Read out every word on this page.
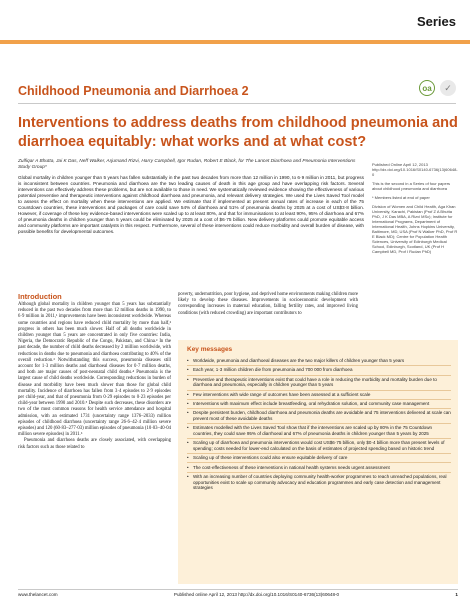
Series
Childhood Pneumonia and Diarrhoea 2	oa	✓
Interventions to address deaths from childhood pneumonia and diarrhoea equitably: what works and at what cost?

Zulfiqar A Bhutta, Jai K Das, Neff Walker, Arjumand Rizvi, Harry Campbell, Igor Rudan, Robert E Black, for The Lancet Diarrhoea and Pneumonia Interventions Study Group*

Global mortality in children younger than 5 years has fallen substantially in the past two decades from more than 12 million in 1990, to 6·9 million in 2011, but progress is inconsistent between countries. Pneumonia and diarrhoea are the two leading causes of death in this age group and have overlapping risk factors. Several interventions can effectively address these problems, but are not available to those in need. We systematically reviewed evidence showing the effectiveness of various potential preventive and therapeutic interventions against childhood diarrhoea and pneumonia, and relevant delivery strategies. We used the Lives Saved Tool model to assess the effect on mortality when these interventions are applied. We estimate that if implemented at present annual rates of increase in each of the 75 Countdown countries, these interventions and packages of care could save 54% of diarrhoea and 51% of pneumonia deaths by 2025 at a cost of US$3·8 billion. However, if coverage of these key evidence-based interventions were scaled up to at least 80%, and that for immunisations to at least 90%, 95% of diarrhoea and 67% of pneumonia deaths in children younger than 5 years could be eliminated by 2025 at a cost of $6·75 billion. New delivery platforms could promote equitable access and community platforms are important catalysts in this respect. Furthermore, several of these interventions could reduce morbidity and overall burden of disease, with possible benefits for developmental outcomes.

Published Online April 12, 2013 http://dx.doi.org/10.1016/S0140-6736(13)60648-0
This is the second in a Series of four papers about childhood pneumonia and diarrhoea
* Members listed at end of paper
Division of Women and Child Health, Aga Khan University, Karachi, Pakistan (Prof Z A Bhutta PhD, J K Das MBA, A Rizvi MSc); Institute for International Programs, Department of International Health, Johns Hopkins University, Baltimore, MD, USA (Prof N Walker PhD, Prof R E Black MD); Centre for Population Health Sciences, University of Edinburgh Medical School, Edinburgh, Scotland, UK (Prof H Campbell MD, Prof I Rudan PhD)
Introduction

Although global mortality in children younger than 5 years has substantially reduced in the past two decades from more than 12 million deaths in 1990, to 6·9 million in 2011,¹ improvements have been inconsistent worldwide. Whereas some countries and regions have reduced child mortality by more than half,² progress in others has been much slower. Half of all deaths worldwide in children younger than 5 years are concentrated in only five countries: India, Nigeria, the Democratic Republic of the Congo, Pakistan, and China.³ In the past decade, the number of child deaths decreased by 2 million worldwide, with reductions in deaths due to pneumonia and diarrhoea contributing to 40% of the overall reduction.³ Notwithstanding this success, pneumonia diseases still account for 1·3 million deaths and diarrhoeal diseases for 0·7 million deaths, and both are major causes of post-neonatal child deaths.⁴ Pneumonia is the largest cause of child deaths worldwide. Corresponding reductions in burden of disease and morbidity have been much slower than those for global child mortality. Incidence of diarrhoea has fallen from 3·4 episodes to 2·9 episodes per child-year, and that of pneumonia from 0·29 episodes to 0·23 episodes per child-year between 1990 and 2010.⁵ Despite such decreases, these disorders are two of the most common reasons for health service attendance and hospital admission, with an estimated 1731 (uncertainty range 1376–2033) million episodes of childhood diarrhoea (uncertainty range 26·6–42·4 million severe episodes) and 120 (60·83–277·03) million episodes of pneumonia (10·03–40·04 million severe episodes) in 2011.⁶

Pneumonia and diarrhoea deaths are closely associated, with overlapping risk factors such as those related to

poverty, undernutrition, poor hygiene, and deprived home environments making children more likely to develop these diseases. Improvements in socioeconomic development with corresponding increases in maternal education, falling fertility rates, and improved living conditions (with reduced crowding) are important contributors to

Key messages
• Worldwide, pneumonia and diarrhoeal diseases are the two major killers of children younger than 5 years
• Each year, 1·3 million children die from pneumonia and 700 000 from diarrhoea
• Preventive and therapeutic interventions exist that could have a role in reducing the morbidity and mortality burden due to diarrhoea and pneumonia, especially in children younger than 5 years
• Few interventions with wide range of outcomes have been assessed at a sufficient scale
• Interventions with maximum effect include breastfeeding, oral rehydration solution, and community case management
• Despite persistent burden, childhood diarrhoea and pneumonia deaths are avoidable and 75 interventions delivered at scale can prevent most of these avoidable deaths
• Estimates modelled with the Lives Saved Tool show that if the interventions are scaled up by 80% in the 75 Countdown countries, they could save 95% of diarrhoeal and 67% of pneumonia deaths in children younger than 5 years by 2025
• Scaling up of diarrhoea and pneumonia interventions would cost US$6·75 billion, only $0·4 billion more than present levels of spending; costs needed for lower-end calculated on the basis of estimates of projected spending based on historic trend
• Scaling up of these interventions could also ensure equitable delivery of care
• The cost-effectiveness of these interventions in national health systems needs urgent assessment
• With an increasing number of countries deploying community health-worker programmes to reach unreached populations, real opportunities exist to scale up community advocacy and education programmes and early case detection and management strategies
www.thelancet.com	Published online April 12, 2013 http://dx.doi.org/10.1016/S0140-6736(13)60648-0	1
